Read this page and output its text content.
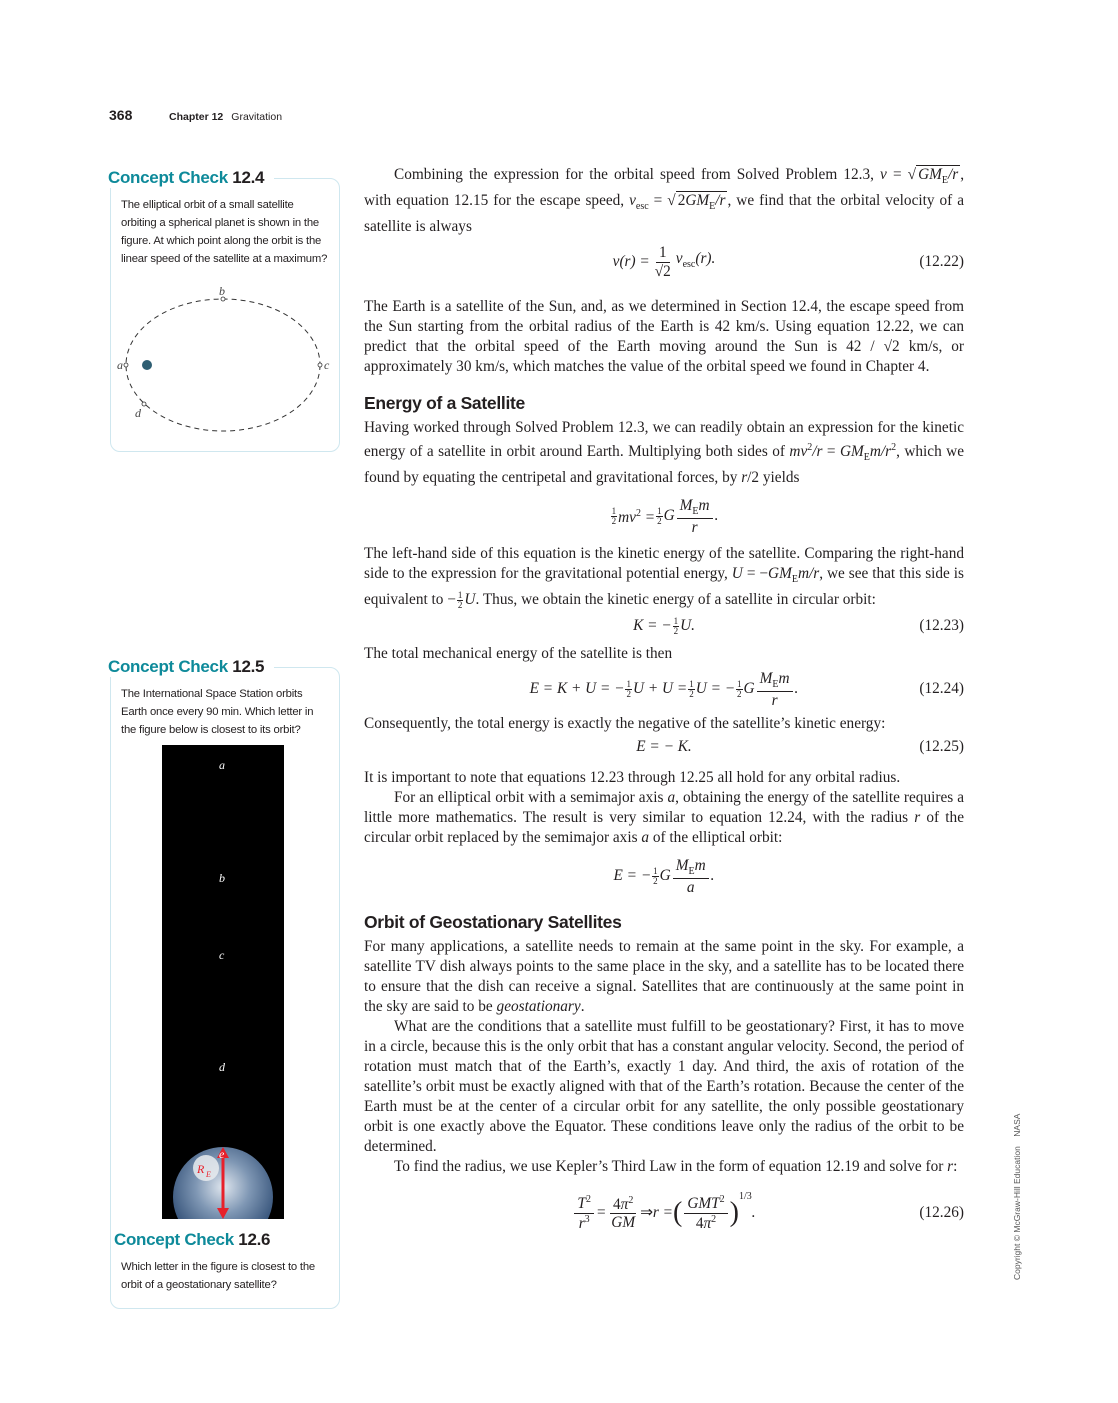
368	Chapter 12 Gravitation
Concept Check 12.4
The elliptical orbit of a small satellite orbiting a spherical planet is shown in the figure. At which point along the orbit is the linear speed of the satellite at a maximum?
a
b
c
d
Concept Check 12.5
The International Space Station orbits Earth once every 90 min. Which letter in the figure below is closest to its orbit?
R E
a
b
c
d
e
Concept Check 12.6
Which letter in the figure is closest to the orbit of a geostationary satellite?

Combining the expression for the orbital speed from Solved Problem 12.3, v = √ $GM_E/r$ , with equation 12.15 for the escape speed, $v_{esc}$ = √ $2GM_E/r$ , we find that the orbital velocity of a satellite is always

$v(r) = \frac{1}{√2} v_{esc}(r)$.	(12.22)

The Earth is a satellite of the Sun, and, as we determined in Section 12.4, the escape speed from the Sun starting from the orbital radius of the Earth is 42 km/s. Using equation 12.22, we can predict that the orbital speed of the Earth moving around the Sun is 42 / √2 km/s, or approximately 30 km/s, which matches the value of the orbital speed we found in Chapter 4.

Energy of a Satellite

Having worked through Solved Problem 12.3, we can readily obtain an expression for the kinetic energy of a satellite in orbit around Earth. Multiplying both sides of $mv^2/r = GM_Em/r^2$, which we found by equating the centripetal and gravitational forces, by r/2 yields

1
2 $mv^2 = \frac{1}{2}$ G $\frac{M_Em}{r}$ .

The left-hand side of this equation is the kinetic energy of the satellite. Comparing the right-hand side to the expression for the gravitational potential energy, $U = -GM_Em/r$, we see that this side is equivalent to − $\frac{1}{2} U$. Thus, we obtain the kinetic energy of a satellite in circular orbit:

K = − $\frac{1}{2} U$.	(12.23)

The total mechanical energy of the satellite is then

E = K + U = − $\frac{1}{2}$ $U + U = \frac{1}{2}$ U = − $\frac{1}{2}$ G $\frac{M_Em}{r}$ .	(12.24)

Consequently, the total energy is exactly the negative of the satellite’s kinetic energy:

E = − K.	(12.25)

It is important to note that equations 12.23 through 12.25 all hold for any orbital radius.

For an elliptical orbit with a semimajor axis a, obtaining the energy of the satellite requires a little more mathematics. The result is very similar to equation 12.24, with the radius r of the circular orbit replaced by the semimajor axis a of the elliptical orbit:

E = − $\frac{1}{2}$ G $\frac{M_Em}{a}$ .

Orbit of Geostationary Satellites

For many applications, a satellite needs to remain at the same point in the sky. For example, a satellite TV dish always points to the same place in the sky, and a satellite has to be located there to ensure that the dish can receive a signal. Satellites that are continuously at the same point in the sky are said to be geostationary.

What are the conditions that a satellite must fulfill to be geostationary? First, it has to move in a circle, because this is the only orbit that has a constant angular velocity. Second, the period of rotation must match that of the Earth’s, exactly 1 day. And third, the axis of rotation of the satellite’s orbit must be exactly aligned with that of the Earth’s rotation. Because the center of the Earth must be at the center of a circular orbit for any satellite, the only possible geostationary orbit is one exactly above the Equator. These conditions leave only the radius of the orbit to be determined.

To find the radius, we use Kepler’s Third Law in the form of equation 12.19 and solve for r:

$\frac{T^2}{r^3} = \frac{4\pi^2}{GM}$ ⇒ r = ( $\frac{GMT^2}{4\pi^2}$ )
$^{1/3}$
.	(12.26)	Copyright © McGraw-Hill Education    NASA
